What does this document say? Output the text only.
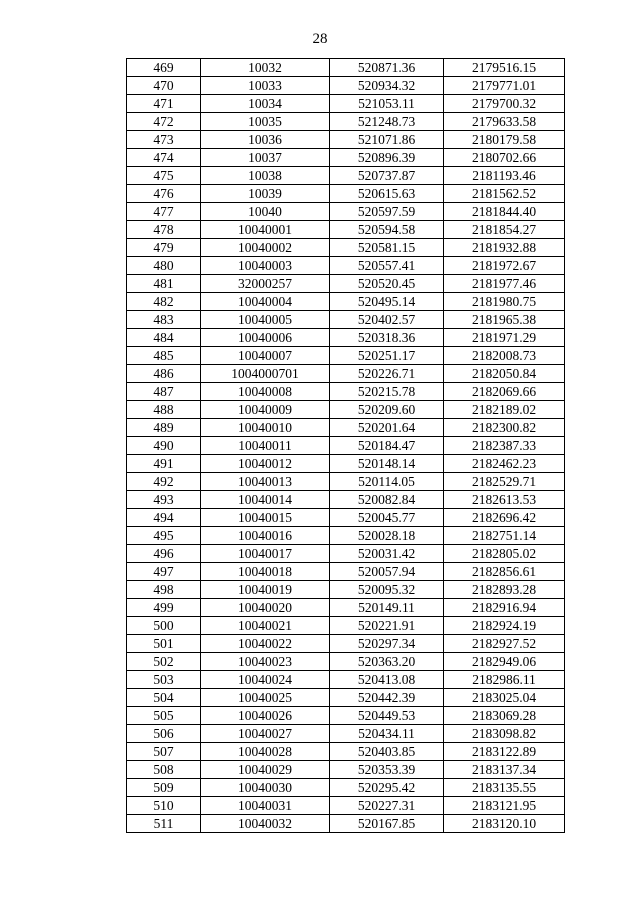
28
469	10032	520871.36	2179516.15
470	10033	520934.32	2179771.01
471	10034	521053.11	2179700.32
472	10035	521248.73	2179633.58
473	10036	521071.86	2180179.58
474	10037	520896.39	2180702.66
475	10038	520737.87	2181193.46
476	10039	520615.63	2181562.52
477	10040	520597.59	2181844.40
478	10040001	520594.58	2181854.27
479	10040002	520581.15	2181932.88
480	10040003	520557.41	2181972.67
481	32000257	520520.45	2181977.46
482	10040004	520495.14	2181980.75
483	10040005	520402.57	2181965.38
484	10040006	520318.36	2181971.29
485	10040007	520251.17	2182008.73
486	1004000701	520226.71	2182050.84
487	10040008	520215.78	2182069.66
488	10040009	520209.60	2182189.02
489	10040010	520201.64	2182300.82
490	10040011	520184.47	2182387.33
491	10040012	520148.14	2182462.23
492	10040013	520114.05	2182529.71
493	10040014	520082.84	2182613.53
494	10040015	520045.77	2182696.42
495	10040016	520028.18	2182751.14
496	10040017	520031.42	2182805.02
497	10040018	520057.94	2182856.61
498	10040019	520095.32	2182893.28
499	10040020	520149.11	2182916.94
500	10040021	520221.91	2182924.19
501	10040022	520297.34	2182927.52
502	10040023	520363.20	2182949.06
503	10040024	520413.08	2182986.11
504	10040025	520442.39	2183025.04
505	10040026	520449.53	2183069.28
506	10040027	520434.11	2183098.82
507	10040028	520403.85	2183122.89
508	10040029	520353.39	2183137.34
509	10040030	520295.42	2183135.55
510	10040031	520227.31	2183121.95
511	10040032	520167.85	2183120.10
